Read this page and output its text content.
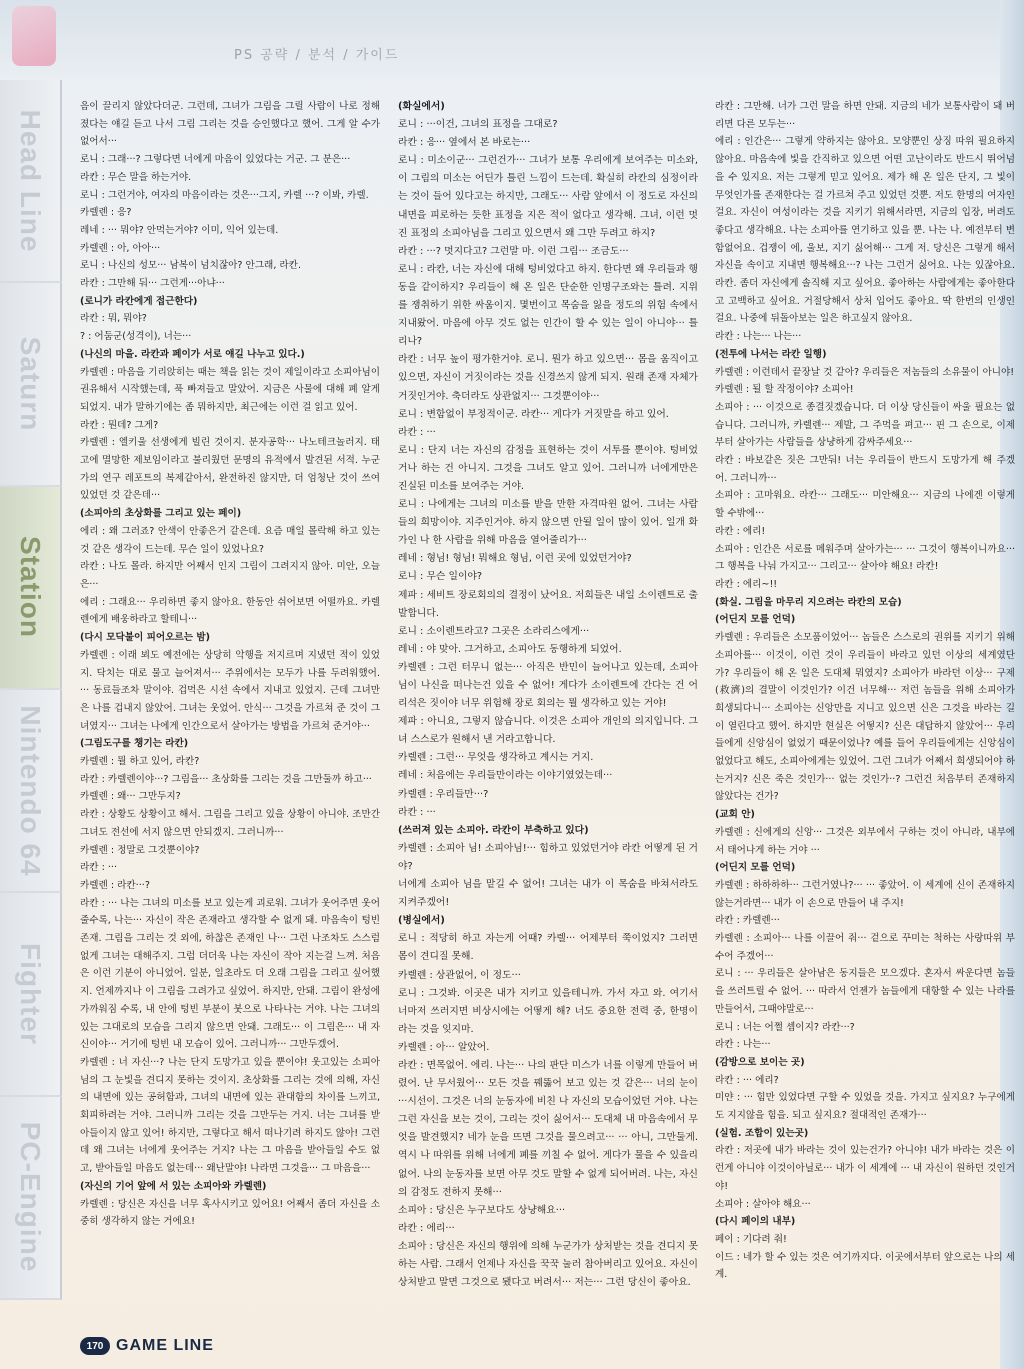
PS 공략 / 분석 / 가이드
Head Line
Saturn
Station
Nintendo 64
Fighter
PC-Engine

음이 끌리지 않았다더군. 그런데, 그녀가 그림을 그릴 사람이 나로 정해졌다는 얘길 듣고 나서 그림 그리는 것을 승인했다고 했어. 그게 알 수가 없어서···

로니 : 그래···? 그렇다면 너에게 마음이 있었다는 거군. 그 분은···

라칸 : 무슨 말을 하는거야.

로니 : 그런거야, 여자의 마음이라는 것은···그지, 카렐 ···? 이봐, 카렐.

카렐렌 : 응?

레네 : ··· 뭐야? 안먹는거야? 이미, 익어 있는데.

카렐렌 : 아, 아아···

로니 : 나신의 성모··· 남복이 넘치잖아? 안그래, 라칸.

라칸 : 그만해 둬··· 그런게···아냐···

(로니가 라칸에게 접근한다)

라칸 : 뭐, 뭐야?

? : 어둠군(성격이), 너는···

(나신의 마을. 라칸과 페이가 서로 얘길 나누고 있다.)

카렐렌 : 마음을 기리앉히는 때는 책을 읽는 것이 제일이라고 소피아님이 권유해서 시작했는데, 푹 빠져들고 말았어. 지금은 사물에 대해 폐 알게 되었지. 내가 말하기에는 좀 뭐하지만, 최근에는 이런 걸 읽고 있어.

라칸 : 뭔데? 그게?

카렐렌 : 엘키울 선생에게 빌린 것이지. 분자공학··· 나노테크놀러지. 태고에 멸망한 제보임이라고 불리웠던 문명의 유적에서 발견된 서적. 누군가의 연구 레포트의 복제같아서, 완전하진 않지만, 더 엄청난 것이 쓰여 있었던 것 같은데···

(소피아의 초상화를 그리고 있는 페이)

에리 : 왜 그러죠? 안색이 안좋은거 같은데. 요즘 매일 몰락해 하고 있는 것 같은 생각이 드는데. 무슨 일이 있었나요?

라칸 : 나도 몰라. 하지만 어째서 인지 그림이 그려지지 않아. 미안, 오늘은···

에리 : 그래요··· 우리하면 좋지 않아요. 한동안 쉬어보면 어떨까요. 카렐렌에게 배웅하라고 할테니···

(다시 모닥불이 피어오르는 밤)

카렐렌 : 이래 뵈도 예전에는 상당히 악행을 저지르며 지냈던 적이 있었지. 닥치는 대로 물고 늘어져서··· 주위에서는 모두가 나를 두려워했어. ··· 동료들조차 말이야. 겁먹은 시선 속에서 지내고 있었지. 근데 그녀만은 나를 겁내지 않았어. 그녀는 웃었어. 안식··· 그것을 가르쳐 준 것이 그녀였지··· 그녀는 나에게 인간으로서 살아가는 방법을 가르쳐 준거야···

(그림도구를 챙기는 라칸)

카렐렌 : 뭘 하고 있어, 라칸?

라칸 : 카렐렌이야···? 그림을··· 초상화를 그리는 것을 그만둘까 하고···

카렐렌 : 왜··· 그만두지?

라칸 : 상황도 상황이고 해서. 그림을 그리고 있을 상황이 아니야. 조만간 그녀도 전선에 서지 않으면 안되겠지. 그러니까···

카렐렌 : 정말로 그것뿐이야?

라칸 : ···

카렐렌 : 라칸···?

라칸 : ··· 나는 그녀의 미소를 보고 있는게 괴로워. 그녀가 웃어주면 웃어줄수록, 나는··· 자신이 작은 존재라고 생각할 수 없게 돼. 마음속이 텅빈 존재. 그림을 그리는 것 외에, 하찮은 존재인 나··· 그런 나조차도 스스럼없게 그녀는 대해주지. 그럼 더더욱 나는 자신이 작아 지는걸 느껴. 처음은 이런 기분이 아니었어. 일분, 일초라도 더 오래 그림을 그리고 싶어했지. 언제까지나 이 그림을 그려가고 싶었어. 하지만, 안돼. 그림이 완성에 가까워짐 수록, 내 안에 텅빈 부분이 붓으로 나타나는 거야. 나는 그녀의 있는 그대로의 모습을 그리지 않으면 안돼. 그래도··· 이 그림은··· 내 자신이야··· 거기에 텅빈 내 모습이 있어. 그러니까··· 그만두겠어.

카렐렌 : 너 자신···? 나는 단지 도망가고 있을 뿐이야! 웃고있는 소피아님의 그 눈빛을 견디지 못하는 것이지. 초상화를 그리는 것에 의해, 자신의 내면에 있는 공허함과, 그녀의 내면에 있는 관대함의 차이를 느끼고, 회피하려는 거야. 그러니까 그리는 것을 그만두는 거지. 너는 그녀를 받아들이지 않고 있어! 하지만, 그렇다고 해서 떠나기려 하지도 않아! 그런데 왜 그녀는 너에게 웃어주는 거지? 나는 그 마음을 받아들일 수도 없고, 받아들일 마음도 없는데··· 왜난말야! 나라면 그것을··· 그 마음을···

(자신의 기어 앞에 서 있는 소피아와 카렐렌)

카렐렌 : 당신은 자신을 너무 혹사시키고 있어요! 어째서 좀더 자신을 소중히 생각하지 않는 거에요!

(화실에서)

로니 : ···이건, 그녀의 표정을 그대로?

라칸 : 응··· 옆에서 본 바로는···

로니 : 미소이군··· 그런건가··· 그녀가 보통 우리에게 보여주는 미소와, 이 그림의 미소는 어딘가 틀린 느낌이 드는데. 확실히 라칸의 심정이라는 것이 들어 있다고는 하지만, 그래도··· 사람 앞에서 이 정도로 자신의 내면을 피로하는 듯한 표정을 지은 적이 없다고 생각해. 그녀, 이런 멋진 표정의 소피아님을 그리고 있으면서 왜 그만 두려고 하지?

라칸 : ···? 멋지다고? 그런말 마. 이런 그림··· 조금도···

로니 : 라칸, 너는 자신에 대해 텅비었다고 하지. 한다면 왜 우리들과 행동을 같이하지? 우리들이 해 온 일은 단순한 인명구조와는 틀려. 지위를 쟁취하기 위한 싸움이지. 몇번이고 목숨을 잃을 정도의 위험 속에서 지내왔어. 마음에 아무 것도 없는 인간이 할 수 있는 일이 아니야··· 틀리나?

라칸 : 너무 높이 평가한거야. 로니. 뭔가 하고 있으면··· 몸을 움직이고 있으면, 자신이 거짓이라는 것을 신경쓰지 않게 되지. 원래 존재 자체가 거짓인거야. 축더라도 상관없지··· 그것뿐이야···

로니 : 변함없이 부정적이군. 라칸··· 게다가 거짓말을 하고 있어.

라칸 : ···

로니 : 단지 너는 자신의 감정을 표현하는 것이 서투를 뿐이야. 텅비었거나 하는 건 아니지. 그것을 그녀도 알고 있어. 그러니까 너에게만은 진실된 미소를 보여주는 거야.

로니 : 나에게는 그녀의 미소를 받을 만한 자격따윈 없어. 그녀는 사람들의 희망이야. 지주인거야. 하지 않으면 안될 일이 많이 있어. 일개 화가인 나 한 사람을 위해 마음을 열어줄리가···

레네 : 형님! 형님! 뭐해요 형님, 이런 곳에 있었던거야?

로니 : 무슨 일이야?

제파 : 세비트 장로회의의 결정이 났어요. 저희들은 내일 소이렌트로 출발합니다.

로니 : 소이렌트라고? 그곳은 소라리스에게···

레네 : 야 맞아. 그거하고, 소피아도 동행하게 되었어.

카렐렌 : 그런 터무니 없는··· 아직은 반민이 늘어나고 있는데, 소피아 님이 나신을 떠나는건 있을 수 없어! 게다가 소이렌트에 간다는 건 어리석은 짓이야 너무 위험해 장로 회의는 뭘 생각하고 있는 거야!

제파 : 아니요, 그렇지 않습니다. 이것은 소피아 개인의 의지입니다. 그녀 스스로가 원해서 낸 거라고합니다.

카렐렌 : 그런··· 무엇을 생각하고 계시는 거지.

레네 : 처음에는 우리들만이라는 이야기였었는데···

카렐렌 : 우리들만···?

라칸 : ···

(쓰러져 있는 소피아. 라칸이 부축하고 있다)

카렐렌 : 소피아 님! 소피아님!··· 힘하고 있었던거야 라칸 어떻게 된 거야?

너에게 소피아 님을 맡길 수 없어! 그녀는 내가 이 목숨을 바쳐서라도 지켜주겠어!

(병실에서)

로니 : 적당히 하고 자는게 어때? 카렐··· 어제부터 쭉이었지? 그러면 몸이 견디질 못해.

카렐렌 : 상관없어, 이 정도···

로니 : 그것봐. 이곳은 내가 지키고 있을테니까. 가서 자고 와. 여기서 너마저 쓰러지면 비상시에는 어떻게 해? 너도 중요한 전력 중, 한명이라는 것을 잊지마.

카렐렌 : 아··· 알았어.

라칸 : 면목없어. 에리. 나는··· 나의 판단 미스가 너를 이렇게 만들어 버렸어. 난 무서웠어··· 모든 것을 꿰뚫어 보고 있는 것 같은··· 너의 눈이···시선이. 그것은 너의 눈동자에 비친 나 자신의 모습이었던 거야. 나는 그런 자신을 보는 것이, 그리는 것이 싫어서··· 도대체 내 마음속에서 무엇을 발견했지? 네가 눈을 뜨면 그것을 물으려고··· ··· 아니, 그만둘게. 역시 나 따위를 위해 너에게 폐를 끼칠 수 없어. 게다가 물을 수 있을리 없어. 나의 눈동자를 보면 아무 것도 말할 수 없게 되어버려. 나는, 자신의 감정도 전하지 못해···

소피아 : 당신은 누구보다도 상냥해요···

라칸 : 에리···

소피아 : 당신은 자신의 행위에 의해 누군가가 상처받는 것을 견디지 못하는 사람. 그래서 언제나 자신을 꾹꾹 눌러 참아버리고 있어요. 자신이 상처받고 말면 그것으로 됐다고 버려서··· 저는··· 그런 당신이 좋아요.

라칸 : 그만해. 너가 그런 말을 하면 안돼. 지금의 네가 보통사람이 돼 버리면 다른 모두는···

에리 : 인간은··· 그렇게 약하지는 않아요. 모양뿐인 상징 따위 필요하지 않아요. 마음속에 빛을 간직하고 있으면 어떤 고난이라도 반드시 뛰어넘을 수 있지요. 저는 그렇게 믿고 있어요. 제가 해 온 일은 단지, 그 빛이 무엇인가를 존재한다는 걸 가르쳐 주고 있었던 것뿐. 저도 한명의 여자인걸요. 자신이 여성이라는 것을 지키기 위해서라면, 지금의 입장, 버려도 좋다고 생각해요. 나는 소피아를 연기하고 있을 뿐. 나는 나. 예전부터 변함없어요. 겁쟁이 에, 울보, 지기 싫어해··· 그게 저. 당신은 그렇게 해서 자신을 속이고 지내면 행복해요···? 나는 그런거 싫어요. 나는 있잖아요. 라칸. 좀더 자신에게 솔직해 지고 싶어요. 좋아하는 사람에게는 좋아한다고 고백하고 싶어요. 거절당해서 상처 입어도 좋아요. 딱 한번의 인생인걸요. 나중에 뒤돌아보는 일은 하고싶지 않아요.

라칸 : 나는··· 나는···

(전투에 나서는 라칸 일행)

카렐렌 : 이런데서 끝장날 것 같아? 우리들은 저놈들의 소유물이 아니야!

카렐렌 : 될 할 작정이야? 소피아!

소피아 : ··· 이것으로 종결짓겠습니다. 더 이상 당신들이 싸울 필요는 없습니다. 그러니까, 카렐렌··· 제발, 그 주먹을 펴고··· 핀 그 손으로, 이제부터 살아가는 사람들을 상냥하게 감싸주세요···

라칸 : 바보같은 짓은 그만둬! 너는 우리들이 반드시 도망가게 해 주겠어. 그러니까···

소피아 : 고마워요. 라칸··· 그래도··· 미안해요··· 지금의 나에겐 이렇게 할 수밖에···

라칸 : 에리!

소피아 : 인간은 서로를 메워주며 살아가는··· ··· 그것이 행복이니까요··· 그 행복을 나눠 가지고··· 그리고··· 살아야 해요! 라칸!

라칸 : 에리~!!

(화실. 그림을 마무리 지으려는 라칸의 모습)

(어딘지 모를 언덕)

카렐렌 : 우리들은 소모품이었어··· 놈들은 스스로의 권위를 지키기 위해 소피아를··· 이것이, 이런 것이 우리들이 바라고 있던 이상의 세계였단가? 우리들이 해 온 일은 도대체 뭐였지? 소피아가 바라던 이상··· 구제(救濟)의 결말이 이것인가? 이건 너무해··· 저런 놈들을 위해 소피아가 희생되다니··· 소피아는 신앙만을 지니고 있으면 신은 그것을 바라는 길이 열린다고 했어. 하지만 현실은 어떻지? 신은 대답하지 않았어··· 우리들에게 신앙심이 없었기 때문이었나? 예를 들어 우리들에게는 신앙심이 없었다고 해도, 소피아에게는 있었어. 그런 그녀가 어째서 희생되어야 하는거지? 신은 죽은 것인가··· 없는 것인가··? 그런건 처음부터 존재하지 않았다는 건가?

(교회 안)

카렐렌 : 신에게의 신앙··· 그것은 외부에서 구하는 것이 아니라, 내부에서 태어나게 하는 거야 ···

(어딘지 모를 언덕)

카렐렌 : 하하하하··· 그런거였나?··· ··· 좋았어. 이 세계에 신이 존재하지 않는거라면··· 내가 이 손으로 만들어 내 주지!

라칸 : 카렐렌···

카렐렌 : 소피아··· 나를 이끌어 줘··· 겉으로 꾸미는 척하는 사랑따위 부수어 주겠어···

로니 : ··· 우리들은 살아남은 동지들은 모으겠다. 혼자서 싸운다면 놈들을 쓰러트릴 수 없어. ··· 따라서 언젠가 놈들에게 대항할 수 있는 나라를 만들어서, 그때야말로···

로니 : 너는 어쩔 셈이지? 라칸···?

라칸 : 나는···

(감방으로 보이는 곳)

라칸 : ··· 에리?

미얀 : ··· 힘만 있었다면 구할 수 있었을 것을. 가지고 싶지요? 누구에게도 지지않을 힘을. 되고 싶지요? 절대적인 존재가···

(실험. 조합이 있는곳)

라칸 : 저곳에 내가 바라는 것이 있는건가? 아니야! 내가 바라는 것은 이런게 아니야 이것이아닐로··· 내가 이 세계에 ··· 내 자신이 원하던 것인거야!

소피아 : 살아야 해요···

(다시 페이의 내부)

페이 : 기다려 줘!

이드 : 네가 할 수 있는 것은 여기까지다. 이곳에서부터 앞으로는 나의 세계.

170 GAME LINE
